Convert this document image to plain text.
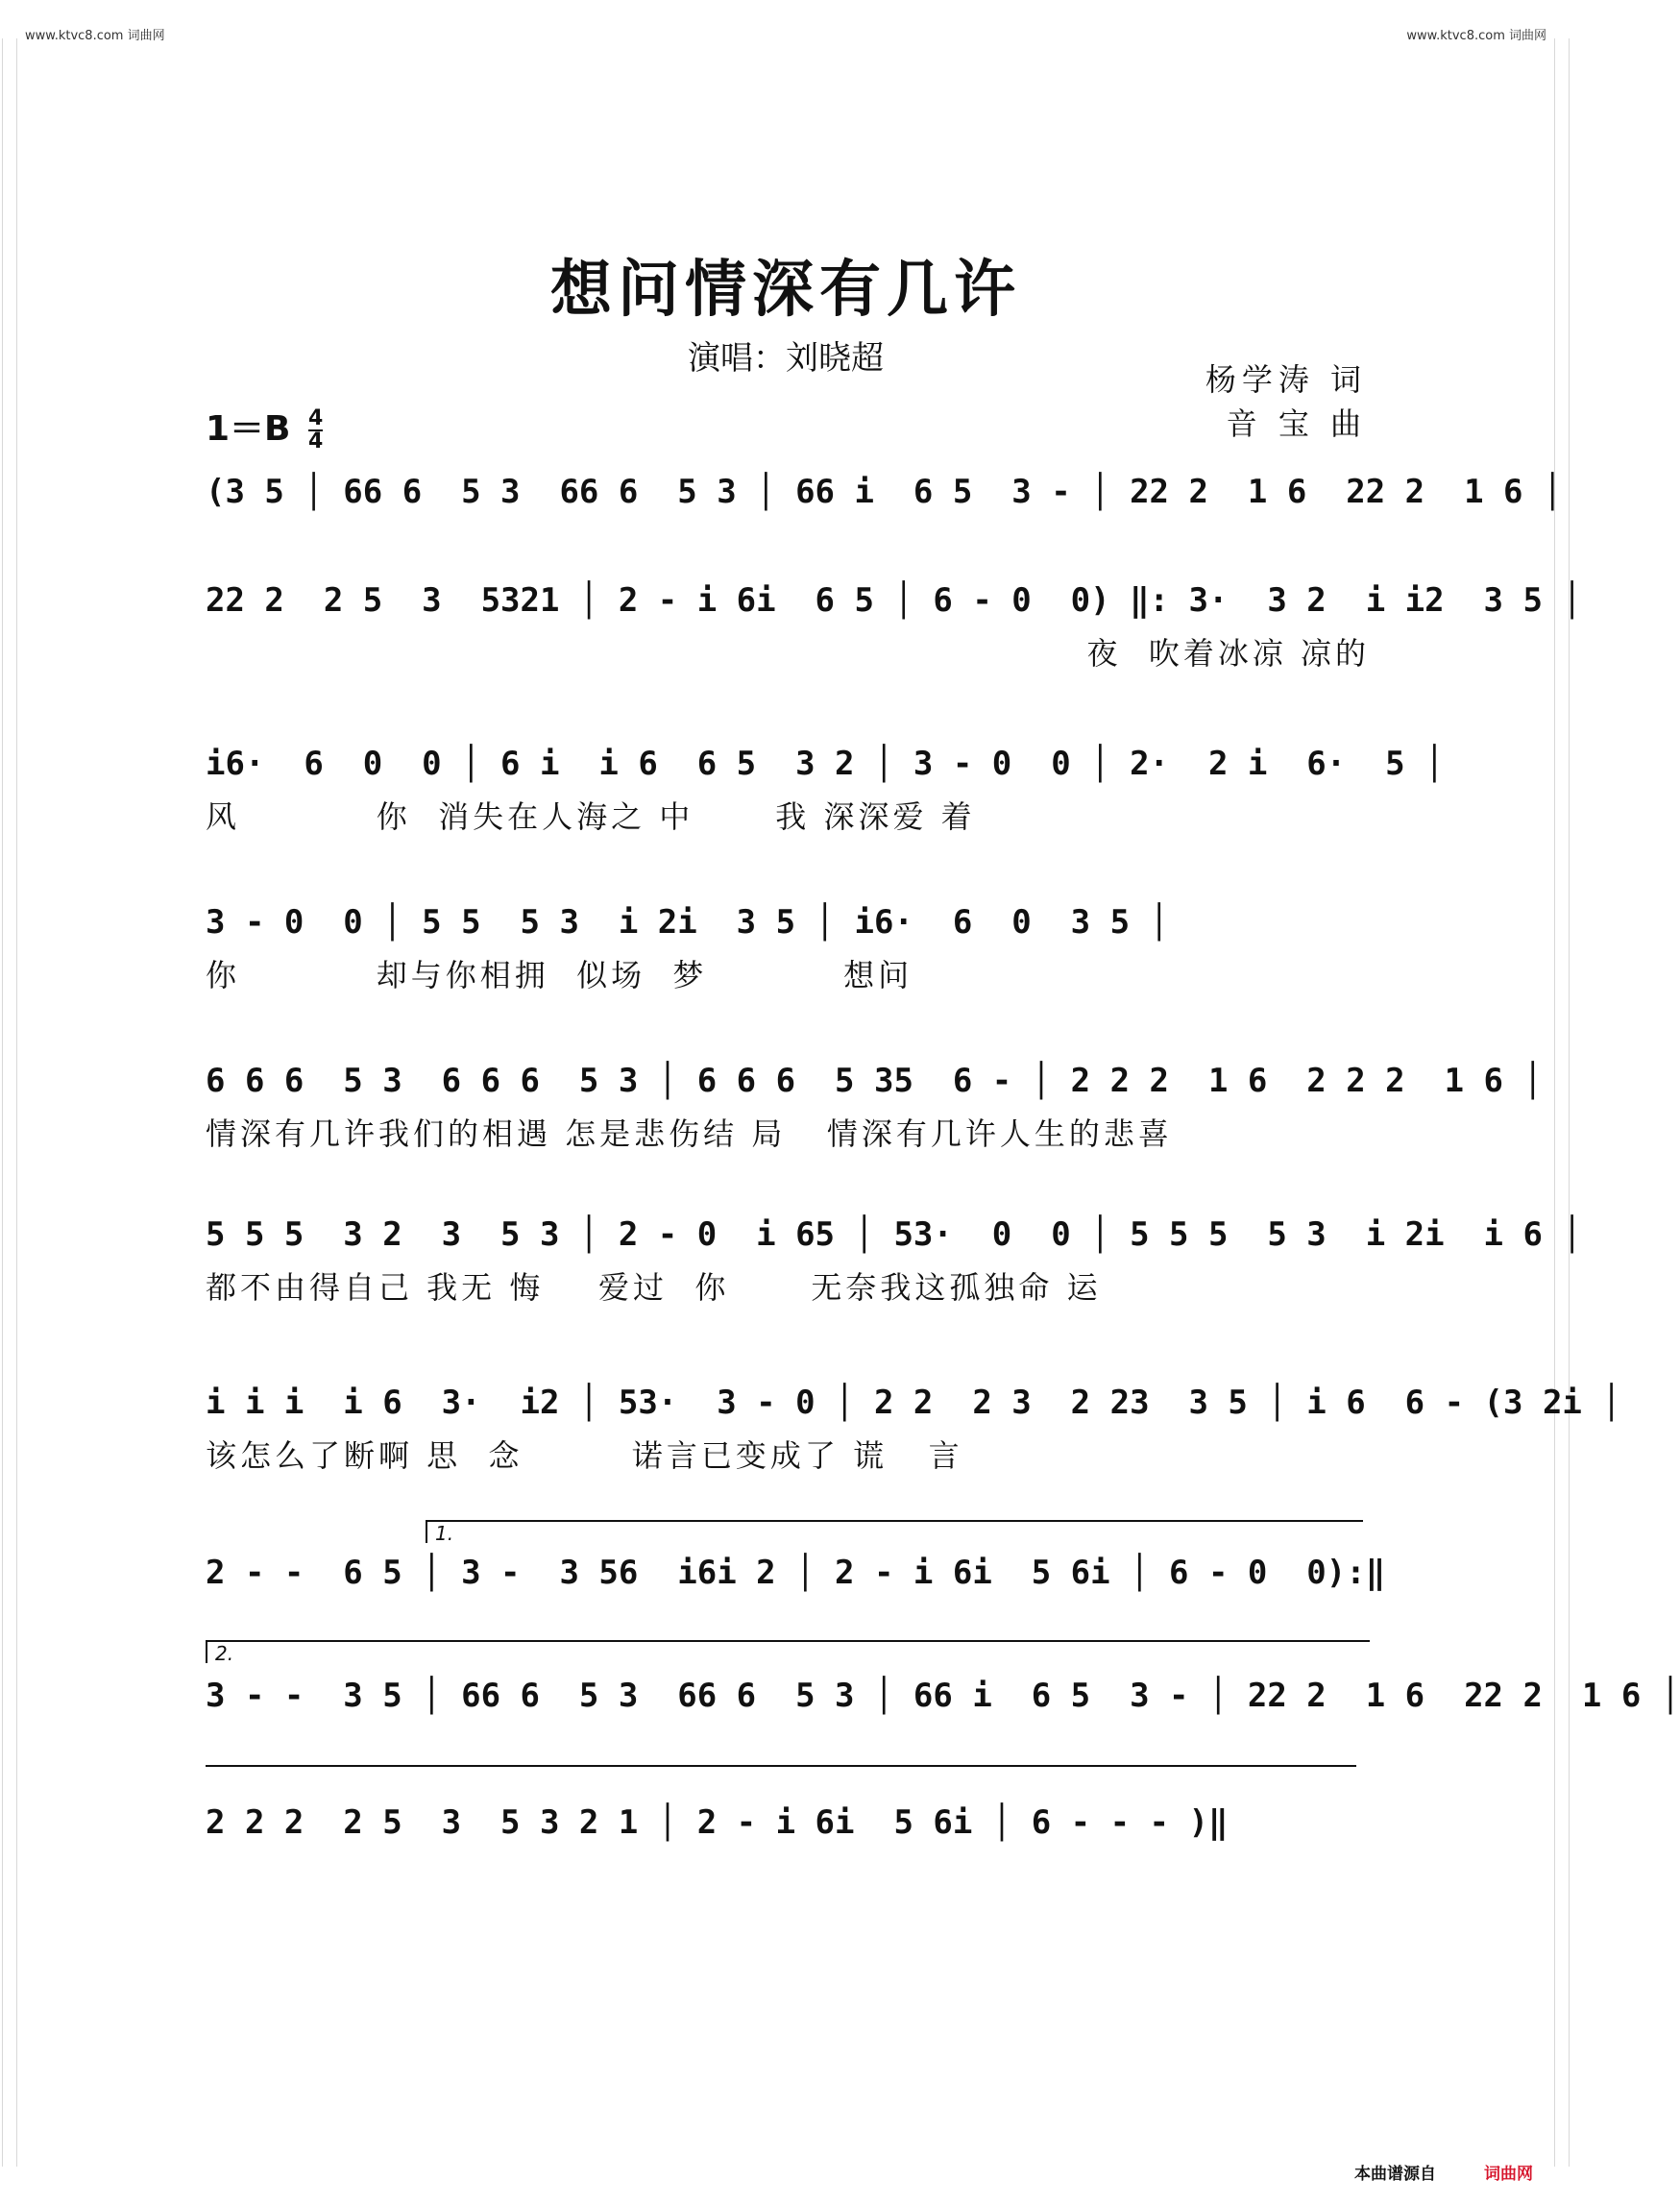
www.ktvc8.com 词曲网	www.ktvc8.com 词曲网
想问情深有几许
演唱：刘晓超
杨学涛 词
音 宝 曲
$1=B \frac{4}{4}$
(3 5 │ 66 6  5 3  66 6  5 3 │ 66 i  6 5  3 - │ 22 2  1 6  22 2  1 6 │
22 2  2 5  3  5321 │ 2 - i 6i  6 5 │ 6 - 0  0) ‖: 3·  3 2  i i2  3 5 │
夜  吹着冰凉 凉的
i6·  6  0  0 │ 6 i  i 6  6 5  3 2 │ 3 - 0  0 │ 2·  2 i  6·  5 │
风          你  消失在人海之 中      我 深深爱 着
3 - 0  0 │ 5 5  5 3  i 2i  3 5 │ i6·  6  0  3 5 │
你          却与你相拥  似场  梦          想问
6 6 6  5 3  6 6 6  5 3 │ 6 6 6  5 35  6 - │ 2 2 2  1 6  2 2 2  1 6 │
情深有几许我们的相遇 怎是悲伤结 局   情深有几许人生的悲喜
5 5 5  3 2  3  5 3 │ 2 - 0  i 65 │ 53·  0  0 │ 5 5 5  5 3  i 2i  i 6 │
都不由得自己 我无 悔    爱过  你      无奈我这孤独命 运
i i i  i 6  3·  i2 │ 53·  3 - 0 │ 2 2  2 3  2 23  3 5 │ i 6  6 - (3 2i │
该怎么了断啊 思  念        诺言已变成了 谎   言
1.
2 - -  6 5 │ 3 -  3 56  i6i 2 │ 2 - i 6i  5 6i │ 6 - 0  0):‖
2.
3 - -  3 5 │ 66 6  5 3  66 6  5 3 │ 66 i  6 5  3 - │ 22 2  1 6  22 2  1 6 │
2 2 2  2 5  3  5 3 2 1 │ 2 - i 6i  5 6i │ 6 - - - )‖
本曲谱源自	词曲网
